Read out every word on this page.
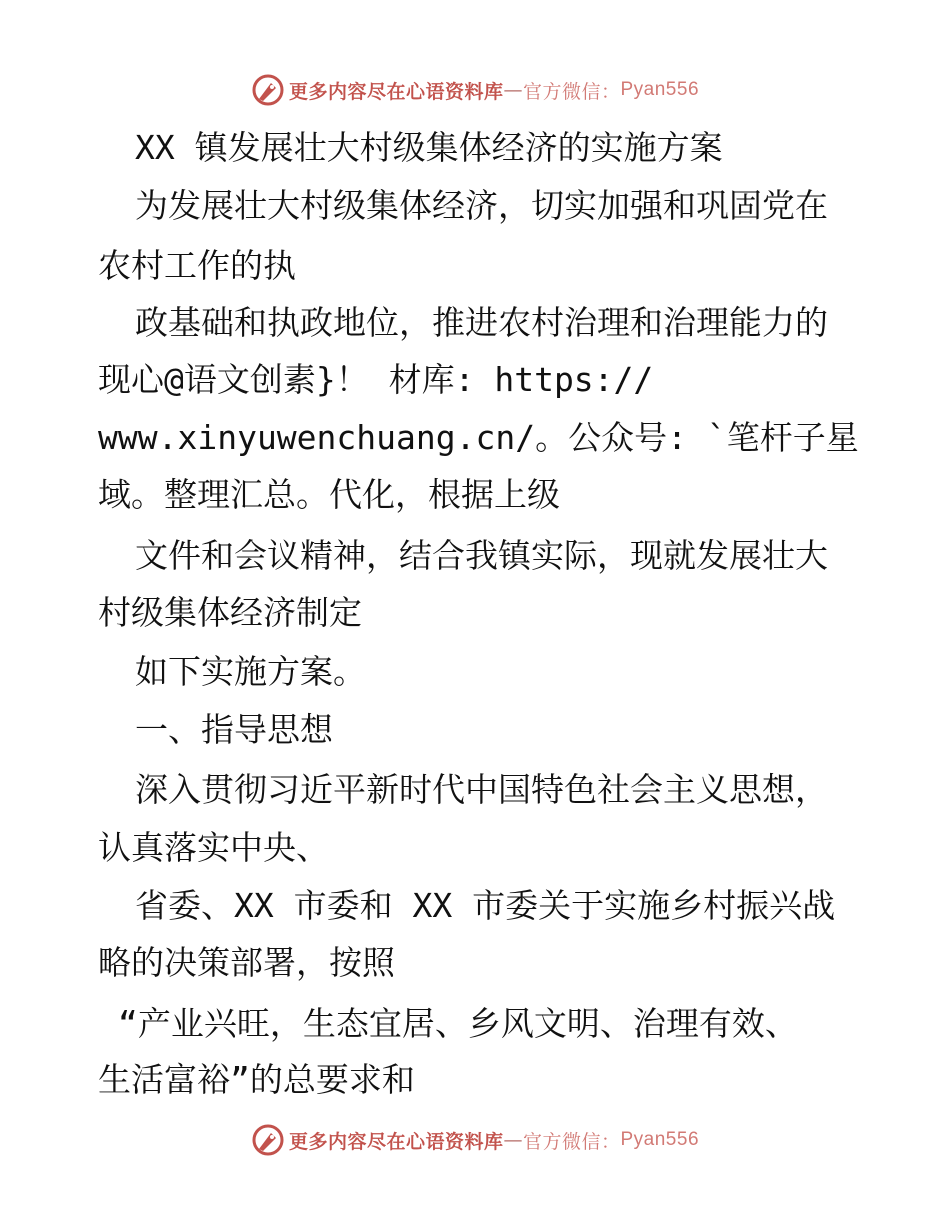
更多内容尽在心语资料库 — 官方微信： Pyan556
XX 镇发展壮大村级集体经济的实施方案
为发展壮大村级集体经济，切实加强和巩固党在
农村工作的执
政基础和执政地位，推进农村治理和治理能力的
现心@语文创素}！ 材库: https://
www.xinyuwenchuang.cn/。公众号: `笔杆子星
域。整理汇总。代化，根据上级
文件和会议精神，结合我镇实际，现就发展壮大
村级集体经济制定
如下实施方案。
一、指导思想
深入贯彻习近平新时代中国特色社会主义思想，
认真落实中央、
省委、XX 市委和 XX 市委关于实施乡村振兴战
略的决策部署，按照
“产业兴旺，生态宜居、乡风文明、治理有效、
生活富裕”的总要求和
更多内容尽在心语资料库 — 官方微信： Pyan556
